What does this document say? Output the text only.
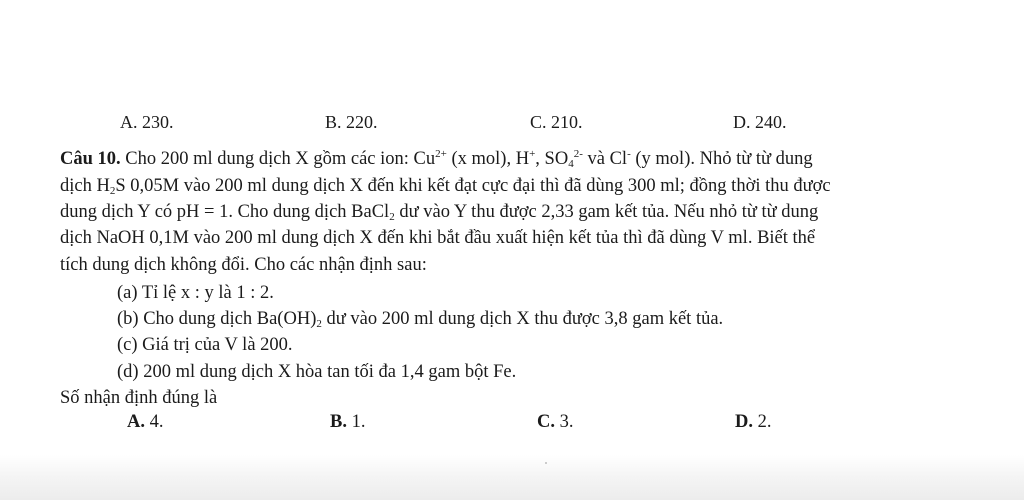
A. 230.	B. 220.	C. 210.	D. 240.
Câu 10. Cho 200 ml dung dịch X gồm các ion: $Cu^{2+}$ (x mol), H+, $SO_4^{2-}$ và Cl- (y mol). Nhỏ từ từ dung
dịch $H_2S$ 0,05M vào 200 ml dung dịch X đến khi kết đạt cực đại thì đã dùng 300 ml; đồng thời thu được
dung dịch Y có pH = 1. Cho dung dịch BaCl$_2$ dư vào Y thu được 2,33 gam kết tủa. Nếu nhỏ từ từ dung
dịch NaOH 0,1M vào 200 ml dung dịch X đến khi bắt đầu xuất hiện kết tủa thì đã dùng V ml. Biết thể
tích dung dịch không đổi. Cho các nhận định sau:
(a) Tỉ lệ x : y là 1 : 2.
(b) Cho dung dịch $Ba(OH)_2$ dư vào 200 ml dung dịch X thu được 3,8 gam kết tủa.
(c) Giá trị của V là 200.
(d) 200 ml dung dịch X hòa tan tối đa 1,4 gam bột Fe.
Số nhận định đúng là
A. 4.	B. 1.	C. 3.	D. 2.
